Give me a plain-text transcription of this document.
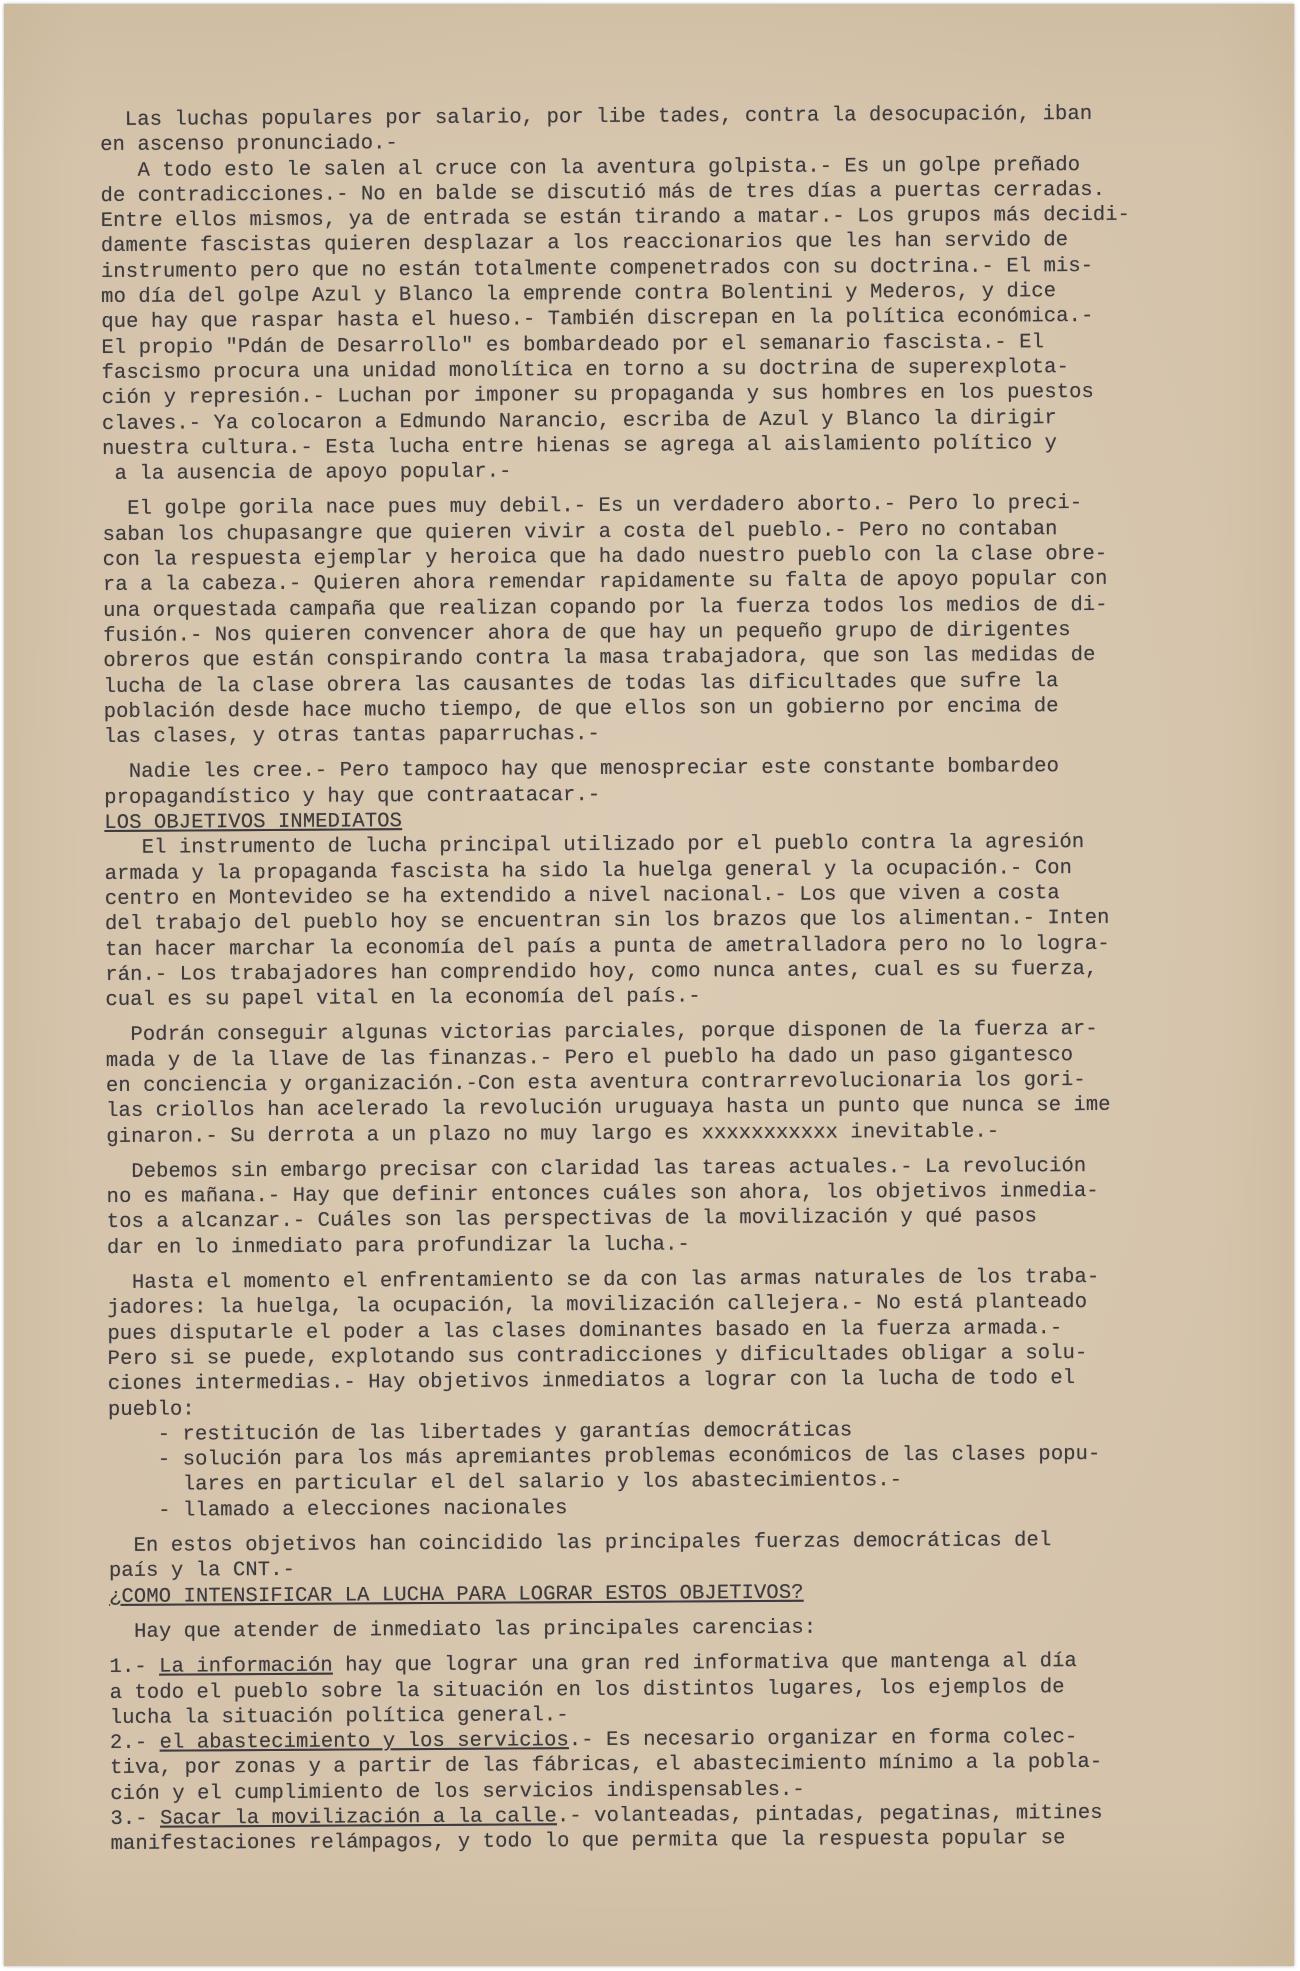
Las luchas populares por salario, por libe tades, contra la desocupación, iban

en ascenso pronunciado.-

A todo esto le salen al cruce con la aventura golpista.- Es un golpe preñado

de contradicciones.- No en balde se discutió más de tres días a puertas cerradas.

Entre ellos mismos, ya de entrada se están tirando a matar.- Los grupos más decidi-

damente fascistas quieren desplazar a los reaccionarios que les han servido de

instrumento pero que no están totalmente compenetrados con su doctrina.- El mis-

mo día del golpe Azul y Blanco la emprende contra Bolentini y Mederos, y dice

que hay que raspar hasta el hueso.- También discrepan en la política económica.-

El propio "Pdán de Desarrollo" es bombardeado por el semanario fascista.- El

fascismo procura una unidad monolítica en torno a su doctrina de superexplota-

ción y represión.- Luchan por imponer su propaganda y sus hombres en los puestos

claves.- Ya colocaron a Edmundo Narancio, escriba de Azul y Blanco la dirigir

nuestra cultura.- Esta lucha entre hienas se agrega al aislamiento político y

a la ausencia de apoyo popular.-

El golpe gorila nace pues muy debil.- Es un verdadero aborto.- Pero lo preci-

saban los chupasangre que quieren vivir a costa del pueblo.- Pero no contaban

con la respuesta ejemplar y heroica que ha dado nuestro pueblo con la clase obre-

ra a la cabeza.- Quieren ahora remendar rapidamente su falta de apoyo popular con

una orquestada campaña que realizan copando por la fuerza todos los medios de di-

fusión.- Nos quieren convencer ahora de que hay un pequeño grupo de dirigentes

obreros que están conspirando contra la masa trabajadora, que son las medidas de

lucha de la clase obrera las causantes de todas las dificultades que sufre la

población desde hace mucho tiempo, de que ellos son un gobierno por encima de

las clases, y otras tantas paparruchas.-

Nadie les cree.- Pero tampoco hay que menospreciar este constante bombardeo

propagandístico y hay que contraatacar.-

LOS OBJETIVOS INMEDIATOS

El instrumento de lucha principal utilizado por el pueblo contra la agresión

armada y la propaganda fascista ha sido la huelga general y la ocupación.- Con

centro en Montevideo se ha extendido a nivel nacional.- Los que viven a costa

del trabajo del pueblo hoy se encuentran sin los brazos que los alimentan.- Inten

tan hacer marchar la economía del país a punta de ametralladora pero no lo logra-

rán.- Los trabajadores han comprendido hoy, como nunca antes, cual es su fuerza,

cual es su papel vital en la economía del país.-

Podrán conseguir algunas victorias parciales, porque disponen de la fuerza ar-

mada y de la llave de las finanzas.- Pero el pueblo ha dado un paso gigantesco

en conciencia y organización.-Con esta aventura contrarrevolucionaria los gori-

las criollos han acelerado la revolución uruguaya hasta un punto que nunca se ime

ginaron.- Su derrota a un plazo no muy largo es xxxxxxxxxxx inevitable.-

Debemos sin embargo precisar con claridad las tareas actuales.- La revolución

no es mañana.- Hay que definir entonces cuáles son ahora, los objetivos inmedia-

tos a alcanzar.- Cuáles son las perspectivas de la movilización y qué pasos

dar en lo inmediato para profundizar la lucha.-

Hasta el momento el enfrentamiento se da con las armas naturales de los traba-

jadores: la huelga, la ocupación, la movilización callejera.- No está planteado

pues disputarle el poder a las clases dominantes basado en la fuerza armada.-

Pero si se puede, explotando sus contradicciones y dificultades obligar a solu-

ciones intermedias.- Hay objetivos inmediatos a lograr con la lucha de todo el

pueblo:

- restitución de las libertades y garantías democráticas

- solución para los más apremiantes problemas económicos de las clases popu-

lares en particular el del salario y los abastecimientos.-

- llamado a elecciones nacionales

En estos objetivos han coincidido las principales fuerzas democráticas del

país y la CNT.-

¿COMO INTENSIFICAR LA LUCHA PARA LOGRAR ESTOS OBJETIVOS?

Hay que atender de inmediato las principales carencias:

1.- La información hay que lograr una gran red informativa que mantenga al día

a todo el pueblo sobre la situación en los distintos lugares, los ejemplos de

lucha la situación política general.-

2.- el abastecimiento y los servicios.- Es necesario organizar en forma colec-

tiva, por zonas y a partir de las fábricas, el abastecimiento mínimo a la pobla-

ción y el cumplimiento de los servicios indispensables.-

3.- Sacar la movilización a la calle.- volanteadas, pintadas, pegatinas, mitines

manifestaciones relámpagos, y todo lo que permita que la respuesta popular se
